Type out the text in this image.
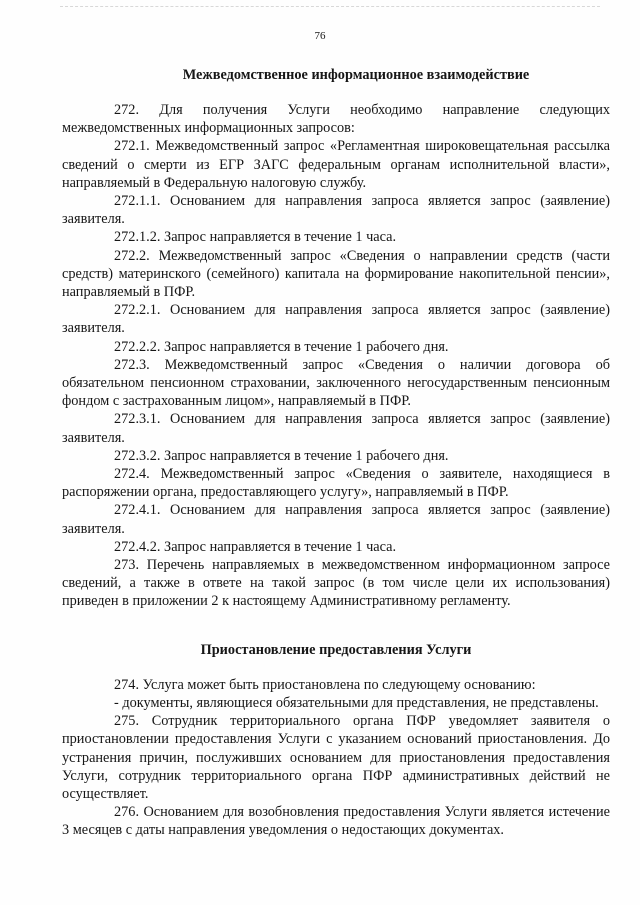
76
Межведомственное информационное взаимодействие

272. Для получения Услуги необходимо направление следующих межведомственных информационных запросов:

272.1. Межведомственный запрос «Регламентная широковещательная рассылка сведений о смерти из ЕГР ЗАГС федеральным органам исполнительной власти», направляемый в Федеральную налоговую службу.

272.1.1. Основанием для направления запроса является запрос (заявление) заявителя.

272.1.2. Запрос направляется в течение 1 часа.

272.2. Межведомственный запрос «Сведения о направлении средств (части средств) материнского (семейного) капитала на формирование накопительной пенсии», направляемый в ПФР.

272.2.1. Основанием для направления запроса является запрос (заявление) заявителя.

272.2.2. Запрос направляется в течение 1 рабочего дня.

272.3. Межведомственный запрос «Сведения о наличии договора об обязательном пенсионном страховании, заключенного негосударственным пенсионным фондом с застрахованным лицом», направляемый в ПФР.

272.3.1. Основанием для направления запроса является запрос (заявление) заявителя.

272.3.2. Запрос направляется в течение 1 рабочего дня.

272.4. Межведомственный запрос «Сведения о заявителе, находящиеся в распоряжении органа, предоставляющего услугу», направляемый в ПФР.

272.4.1. Основанием для направления запроса является запрос (заявление) заявителя.

272.4.2. Запрос направляется в течение 1 часа.

273. Перечень направляемых в межведомственном информационном запросе сведений, а также в ответе на такой запрос (в том числе цели их использования) приведен в приложении 2 к настоящему Административному регламенту.

Приостановление предоставления Услуги

274. Услуга может быть приостановлена по следующему основанию:

- документы, являющиеся обязательными для представления, не представлены.

275. Сотрудник территориального органа ПФР уведомляет заявителя о приостановлении предоставления Услуги с указанием оснований приостановления. До устранения причин, послуживших основанием для приостановления предоставления Услуги, сотрудник территориального органа ПФР административных действий не осуществляет.

276. Основанием для возобновления предоставления Услуги является истечение 3 месяцев с даты направления уведомления о недостающих документах.
